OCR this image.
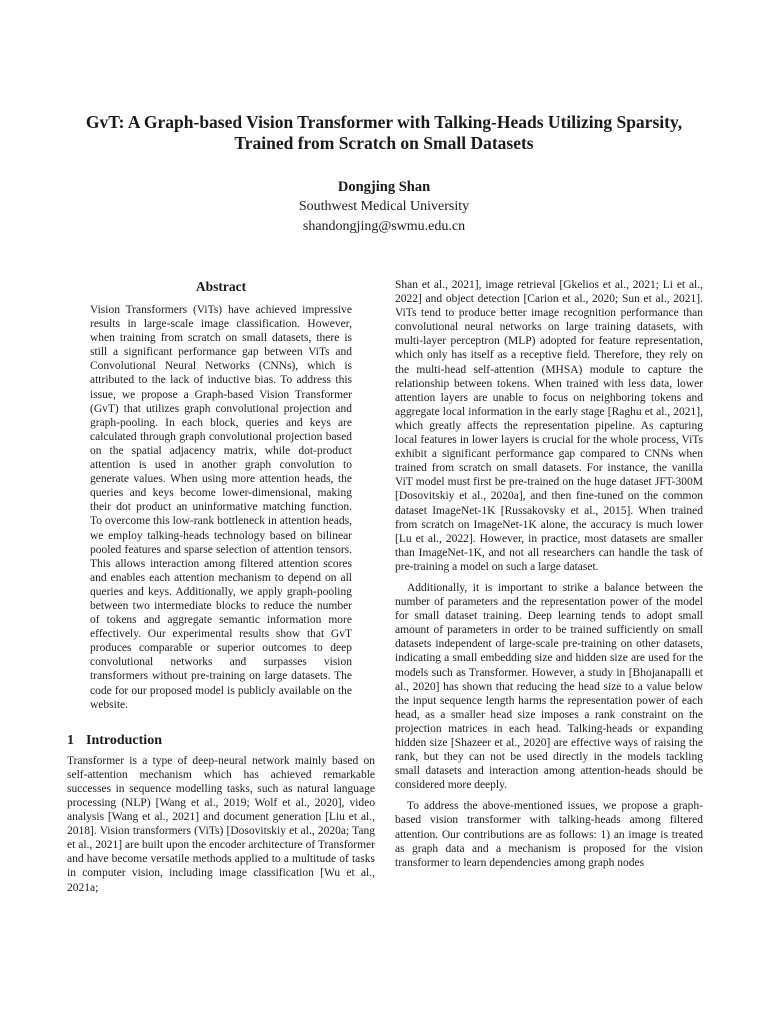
GvT: A Graph-based Vision Transformer with Talking-Heads Utilizing Sparsity,
Trained from Scratch on Small Datasets
Dongjing Shan
Southwest Medical University
shandongjing@swmu.edu.cn
Abstract

Vision Transformers (ViTs) have achieved impressive results in large-scale image classification. However, when training from scratch on small datasets, there is still a significant performance gap between ViTs and Convolutional Neural Networks (CNNs), which is attributed to the lack of inductive bias. To address this issue, we propose a Graph-based Vision Transformer (GvT) that utilizes graph convolutional projection and graph-pooling. In each block, queries and keys are calculated through graph convolutional projection based on the spatial adjacency matrix, while dot-product attention is used in another graph convolution to generate values. When using more attention heads, the queries and keys become lower-dimensional, making their dot product an uninformative matching function. To overcome this low-rank bottleneck in attention heads, we employ talking-heads technology based on bilinear pooled features and sparse selection of attention tensors. This allows interaction among filtered attention scores and enables each attention mechanism to depend on all queries and keys. Additionally, we apply graph-pooling between two intermediate blocks to reduce the number of tokens and aggregate semantic information more effectively. Our experimental results show that GvT produces comparable or superior outcomes to deep convolutional networks and surpasses vision transformers without pre-training on large datasets. The code for our proposed model is publicly available on the website.

1 Introduction

Transformer is a type of deep-neural network mainly based on self-attention mechanism which has achieved remarkable successes in sequence modelling tasks, such as natural language processing (NLP) [Wang et al., 2019; Wolf et al., 2020], video analysis [Wang et al., 2021] and document generation [Liu et al., 2018]. Vision transformers (ViTs) [Dosovitskiy et al., 2020a; Tang et al., 2021] are built upon the encoder architecture of Transformer and have become versatile methods applied to a multitude of tasks in computer vision, including image classification [Wu et al., 2021a;

Shan et al., 2021], image retrieval [Gkelios et al., 2021; Li et al., 2022] and object detection [Carion et al., 2020; Sun et al., 2021]. ViTs tend to produce better image recognition performance than convolutional neural networks on large training datasets, with multi-layer perceptron (MLP) adopted for feature representation, which only has itself as a receptive field. Therefore, they rely on the multi-head self-attention (MHSA) module to capture the relationship between tokens. When trained with less data, lower attention layers are unable to focus on neighboring tokens and aggregate local information in the early stage [Raghu et al., 2021], which greatly affects the representation pipeline. As capturing local features in lower layers is crucial for the whole process, ViTs exhibit a significant performance gap compared to CNNs when trained from scratch on small datasets. For instance, the vanilla ViT model must first be pre-trained on the huge dataset JFT-300M [Dosovitskiy et al., 2020a], and then fine-tuned on the common dataset ImageNet-1K [Russakovsky et al., 2015]. When trained from scratch on ImageNet-1K alone, the accuracy is much lower [Lu et al., 2022]. However, in practice, most datasets are smaller than ImageNet-1K, and not all researchers can handle the task of pre-training a model on such a large dataset.

Additionally, it is important to strike a balance between the number of parameters and the representation power of the model for small dataset training. Deep learning tends to adopt small amount of parameters in order to be trained sufficiently on small datasets independent of large-scale pre-training on other datasets, indicating a small embedding size and hidden size are used for the models such as Transformer. However, a study in [Bhojanapalli et al., 2020] has shown that reducing the head size to a value below the input sequence length harms the representation power of each head, as a smaller head size imposes a rank constraint on the projection matrices in each head. Talking-heads or expanding hidden size [Shazeer et al., 2020] are effective ways of raising the rank, but they can not be used directly in the models tackling small datasets and interaction among attention-heads should be considered more deeply.

To address the above-mentioned issues, we propose a graph-based vision transformer with talking-heads among filtered attention. Our contributions are as follows: 1) an image is treated as graph data and a mechanism is proposed for the vision transformer to learn dependencies among graph nodes
